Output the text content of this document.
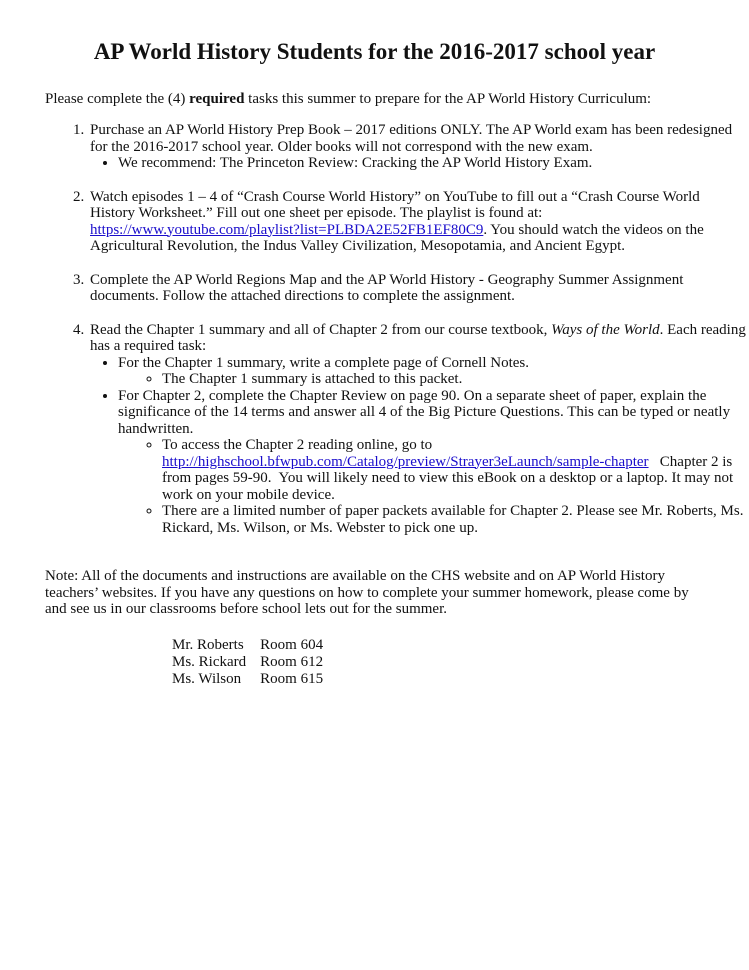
AP World History Students for the 2016-2017 school year

Please complete the (4) required tasks this summer to prepare for the AP World History Curriculum:

1. Purchase an AP World History Prep Book – 2017 editions ONLY. The AP World exam has been redesigned for the 2016-2017 school year. Older books will not correspond with the new exam.
• We recommend: The Princeton Review: Cracking the AP World History Exam.
2. Watch episodes 1 – 4 of “Crash Course World History” on YouTube to fill out a “Crash Course World History Worksheet.” Fill out one sheet per episode. The playlist is found at: https://www.youtube.com/playlist?list=PLBDA2E52FB1EF80C9. You should watch the videos on the Agricultural Revolution, the Indus Valley Civilization, Mesopotamia, and Ancient Egypt.
3. Complete the AP World Regions Map and the AP World History - Geography Summer Assignment documents. Follow the attached directions to complete the assignment.
4. Read the Chapter 1 summary and all of Chapter 2 from our course textbook, Ways of the World. Each reading has a required task:
• For the Chapter 1 summary, write a complete page of Cornell Notes.
◦ The Chapter 1 summary is attached to this packet.
• For Chapter 2, complete the Chapter Review on page 90. On a separate sheet of paper, explain the significance of the 14 terms and answer all 4 of the Big Picture Questions. This can be typed or neatly handwritten.
◦ To access the Chapter 2 reading online, go to http://highschool.bfwpub.com/Catalog/preview/Strayer3eLaunch/sample-chapter   Chapter 2 is from pages 59-90.  You will likely need to view this eBook on a desktop or a laptop. It may not work on your mobile device.
◦ There are a limited number of paper packets available for Chapter 2. Please see Mr. Roberts, Ms. Rickard, Ms. Wilson, or Ms. Webster to pick one up.

Note: All of the documents and instructions are available on the CHS website and on AP World History teachers’ websites. If you have any questions on how to complete your summer homework, please come by and see us in our classrooms before school lets out for the summer.

Mr. Roberts	Room 604
Ms. Rickard	Room 612
Ms. Wilson	Room 615
